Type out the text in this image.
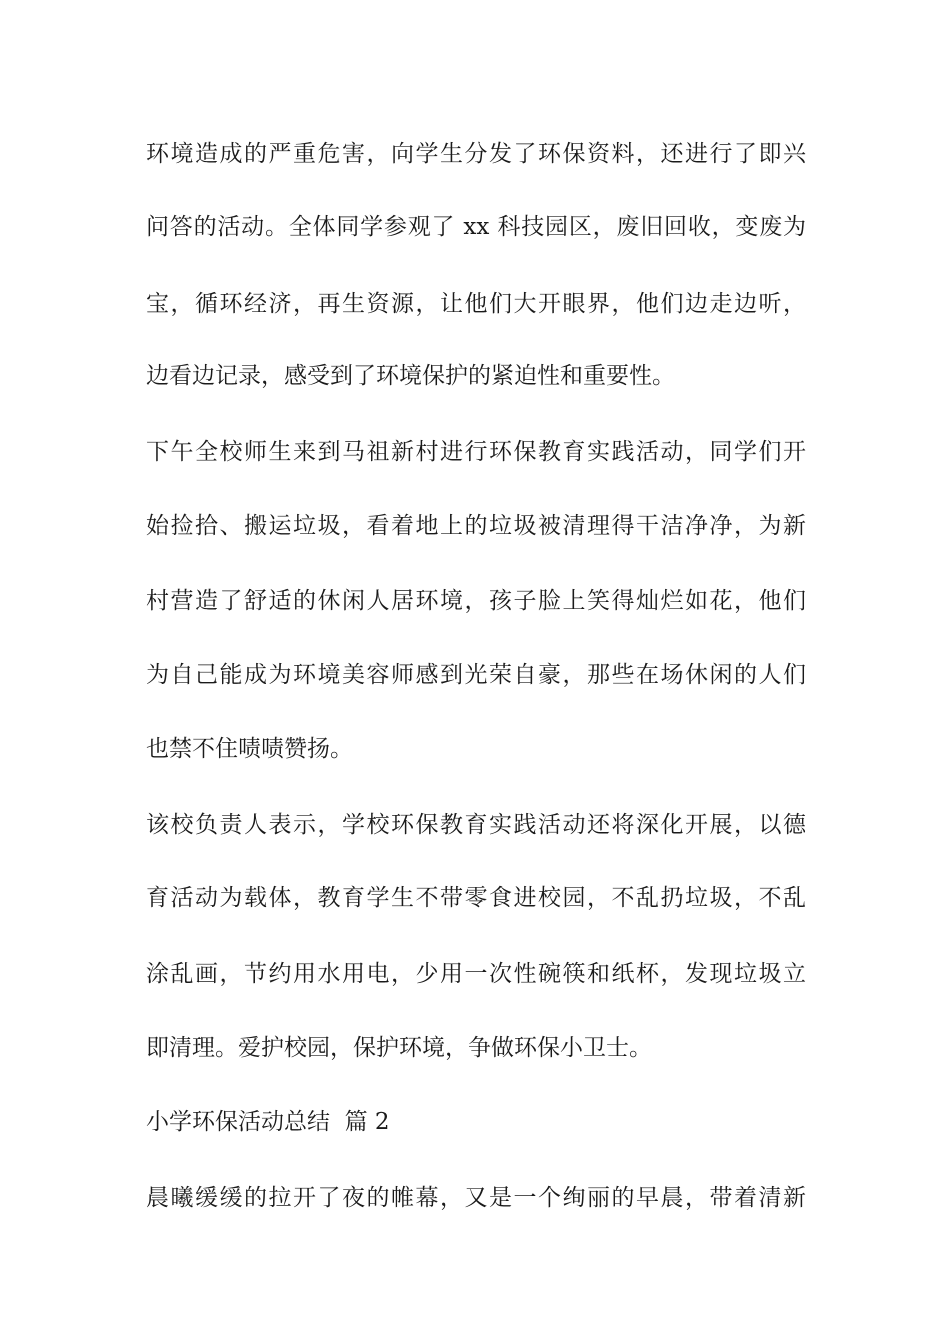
环境造成的严重危害，向学生分发了环保资料，还进行了即兴
问答的活动。全体同学参观了 xx 科技园区，废旧回收，变废为
宝，循环经济，再生资源，让他们大开眼界，他们边走边听，
边看边记录，感受到了环境保护的紧迫性和重要性。
下午全校师生来到马祖新村进行环保教育实践活动，同学们开
始捡拾、搬运垃圾，看着地上的垃圾被清理得干洁净净，为新
村营造了舒适的休闲人居环境，孩子脸上笑得灿烂如花，他们
为自己能成为环境美容师感到光荣自豪，那些在场休闲的人们
也禁不住啧啧赞扬。
该校负责人表示，学校环保教育实践活动还将深化开展，以德
育活动为载体，教育学生不带零食进校园，不乱扔垃圾，不乱
涂乱画，节约用水用电，少用一次性碗筷和纸杯，发现垃圾立
即清理。爱护校园，保护环境，争做环保小卫士。
小学环保活动总结  篇 2
晨曦缓缓的拉开了夜的帷幕，又是一个绚丽的早晨，带着清新
